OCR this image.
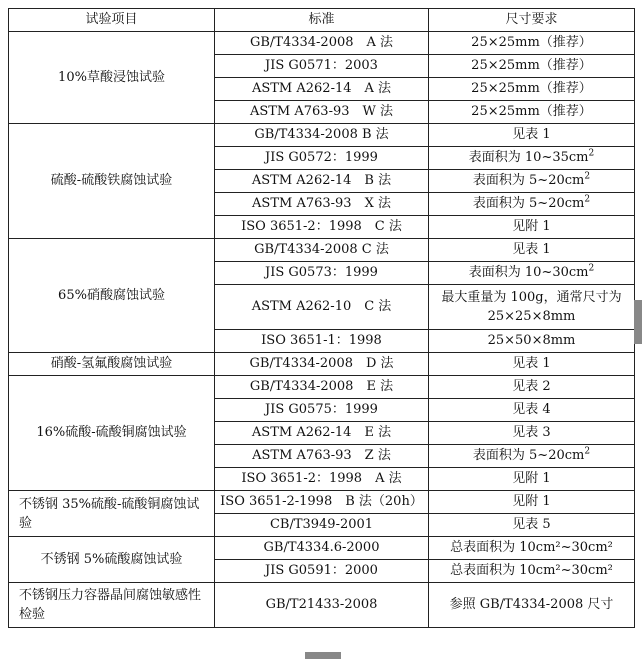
试验项目	标准	尺寸要求
10%草酸浸蚀试验	GB/T4334-2008　A 法	25×25mm（推荐）
	JIS G0571：2003	25×25mm（推荐）
	ASTM A262-14　A 法	25×25mm（推荐）
	ASTM A763-93　W 法	25×25mm（推荐）
硫酸-硫酸铁腐蚀试验	GB/T4334-2008 B 法	见表 1
	JIS G0572：1999	表面积为 $10\sim 35cm^2$
	ASTM A262-14　B 法	表面积为 $5\sim 20cm^2$
	ASTM A763-93　X 法	表面积为 $5\sim 20cm^2$
	ISO 3651-2：1998　C 法	见附 1
65%硝酸腐蚀试验	GB/T4334-2008 C 法	见表 1
	JIS G0573：1999	表面积为 $10\sim 30cm^2$
	ASTM A262-10　C 法	最大重量为 100g，通常尺寸为 25×25×8mm
	ISO 3651-1：1998	25×50×8mm
硝酸-氢氟酸腐蚀试验	GB/T4334-2008　D 法	见表 1
16%硫酸-硫酸铜腐蚀试验	GB/T4334-2008　E 法	见表 2
	JIS G0575：1999	见表 4
	ASTM A262-14　E 法	见表 3
	ASTM A763-93　Z 法	表面积为 $5\sim 20cm^2$
	ISO 3651-2：1998　A 法	见附 1
不锈钢 35%硫酸-硫酸铜腐蚀试验	ISO 3651-2-1998　B 法（20h）	见附 1
	CB/T3949-2001	见表 5
不锈钢 5%硫酸腐蚀试验	GB/T4334.6-2000	总表面积为 10cm²~30cm²
	JIS G0591：2000	总表面积为 10cm²~30cm²
不锈钢压力容器晶间腐蚀敏感性检验	GB/T21433-2008	参照 GB/T4334-2008 尺寸
